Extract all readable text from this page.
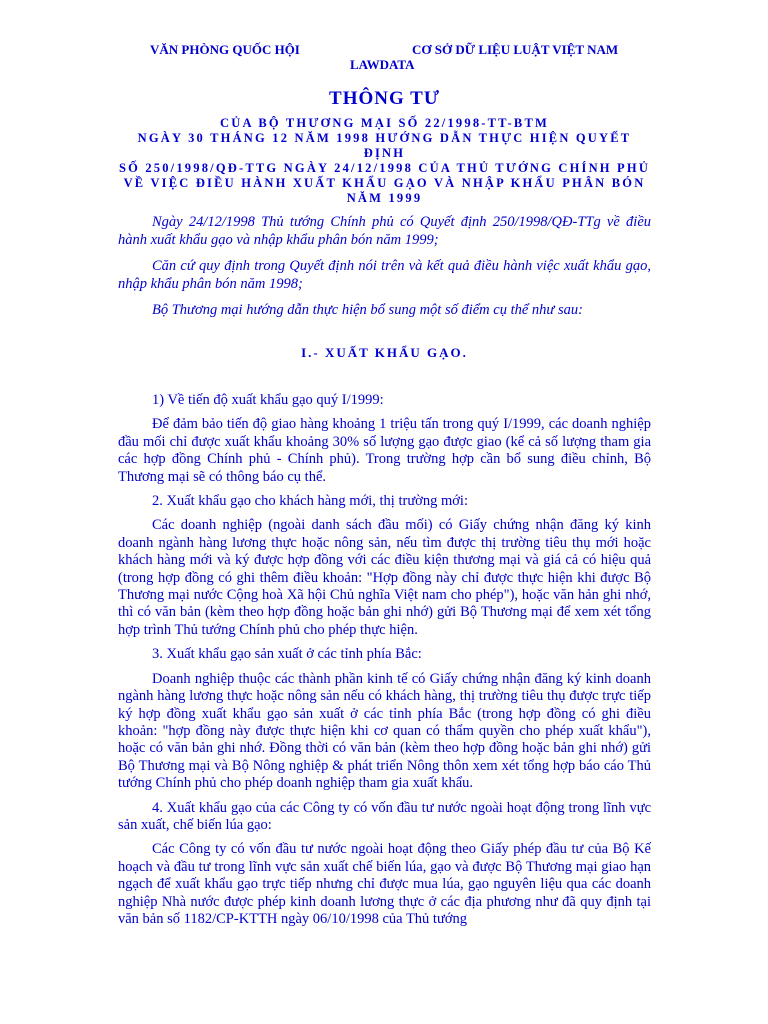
VĂN PHÒNG QUỐC HỘI	CƠ SỞ DỮ LIỆU LUẬT VIỆT NAM
LAWDATA
THÔNG TƯ
CỦA BỘ THƯƠNG MẠI SỐ 22/1998-TT-BTM
NGÀY 30 THÁNG 12 NĂM 1998 HƯỚNG DẪN THỰC HIỆN QUYẾT ĐỊNH
SỐ 250/1998/QĐ-TTG NGÀY 24/12/1998 CỦA THỦ TƯỚNG CHÍNH PHỦ
VỀ VIỆC ĐIỀU HÀNH XUẤT KHẨU GẠO VÀ NHẬP KHẨU PHÂN BÓN
NĂM 1999

Ngày 24/12/1998 Thủ tướng Chính phủ có Quyết định 250/1998/QĐ-TTg về điều hành xuất khẩu gạo và nhập khẩu phân bón năm 1999;

Căn cứ quy định trong Quyết định nói trên và kết quả điều hành việc xuất khẩu gạo, nhập khẩu phân bón năm 1998;

Bộ Thương mại hướng dẫn thực hiện bổ sung một số điểm cụ thể như sau:

I.- XUẤT KHẨU GẠO.

1) Về tiến độ xuất khẩu gạo quý I/1999:

Để đảm bảo tiến độ giao hàng khoảng 1 triệu tấn trong quý I/1999, các doanh nghiệp đầu mối chỉ được xuất khẩu khoảng 30% số lượng gạo được giao (kể cả số lượng tham gia các hợp đồng Chính phủ - Chính phủ). Trong trường hợp cần bổ sung điều chỉnh, Bộ Thương mại sẽ có thông báo cụ thể.

2. Xuất khẩu gạo cho khách hàng mới, thị trường mới:

Các doanh nghiệp (ngoài danh sách đầu mối) có Giấy chứng nhận đăng ký kinh doanh ngành hàng lương thực hoặc nông sản, nếu tìm được thị trường tiêu thụ mới hoặc khách hàng mới và ký được hợp đồng với các điều kiện thương mại và giá cả có hiệu quả (trong hợp đồng có ghi thêm điều khoản: "Hợp đồng này chỉ được thực hiện khi được Bộ Thương mại nước Cộng hoà Xã hội Chủ nghĩa Việt nam cho phép"), hoặc văn hản ghi nhớ, thì có văn bản (kèm theo hợp đồng hoặc bản ghi nhớ) gửi Bộ Thương mại để xem xét tổng hợp trình Thủ tướng Chính phủ cho phép thực hiện.

3. Xuất khẩu gạo sản xuất ở các tỉnh phía Bắc:

Doanh nghiệp thuộc các thành phần kinh tế có Giấy chứng nhận đăng ký kinh doanh ngành hàng lương thực hoặc nông sản nếu có khách hàng, thị trường tiêu thụ được trực tiếp ký hợp đồng xuất khẩu gạo sản xuất ở các tỉnh phía Bắc (trong hợp đồng có ghi điều khoản: "hợp đồng này được thực hiện khi cơ quan có thẩm quyền cho phép xuất khẩu"), hoặc có văn bản ghi nhớ. Đồng thời có văn bản (kèm theo hợp đồng hoặc bản ghi nhớ) gửi Bộ Thương mại và Bộ Nông nghiệp & phát triển Nông thôn xem xét tổng hợp báo cáo Thủ tướng Chính phủ cho phép doanh nghiệp tham gia xuất khẩu.

4. Xuất khẩu gạo của các Công ty có vốn đầu tư nước ngoài hoạt động trong lĩnh vực sản xuất, chế biến lúa gạo:

Các Công ty có vốn đầu tư nước ngoài hoạt động theo Giấy phép đầu tư của Bộ Kế hoạch và đầu tư trong lĩnh vực sản xuất chế biến lúa, gạo và được Bộ Thương mại giao hạn ngạch để xuất khẩu gạo trực tiếp nhưng chỉ được mua lúa, gạo nguyên liệu qua các doanh nghiệp Nhà nước được phép kinh doanh lương thực ở các địa phương như đã quy định tại văn bản số 1182/CP-KTTH ngày 06/10/1998 của Thủ tướng
